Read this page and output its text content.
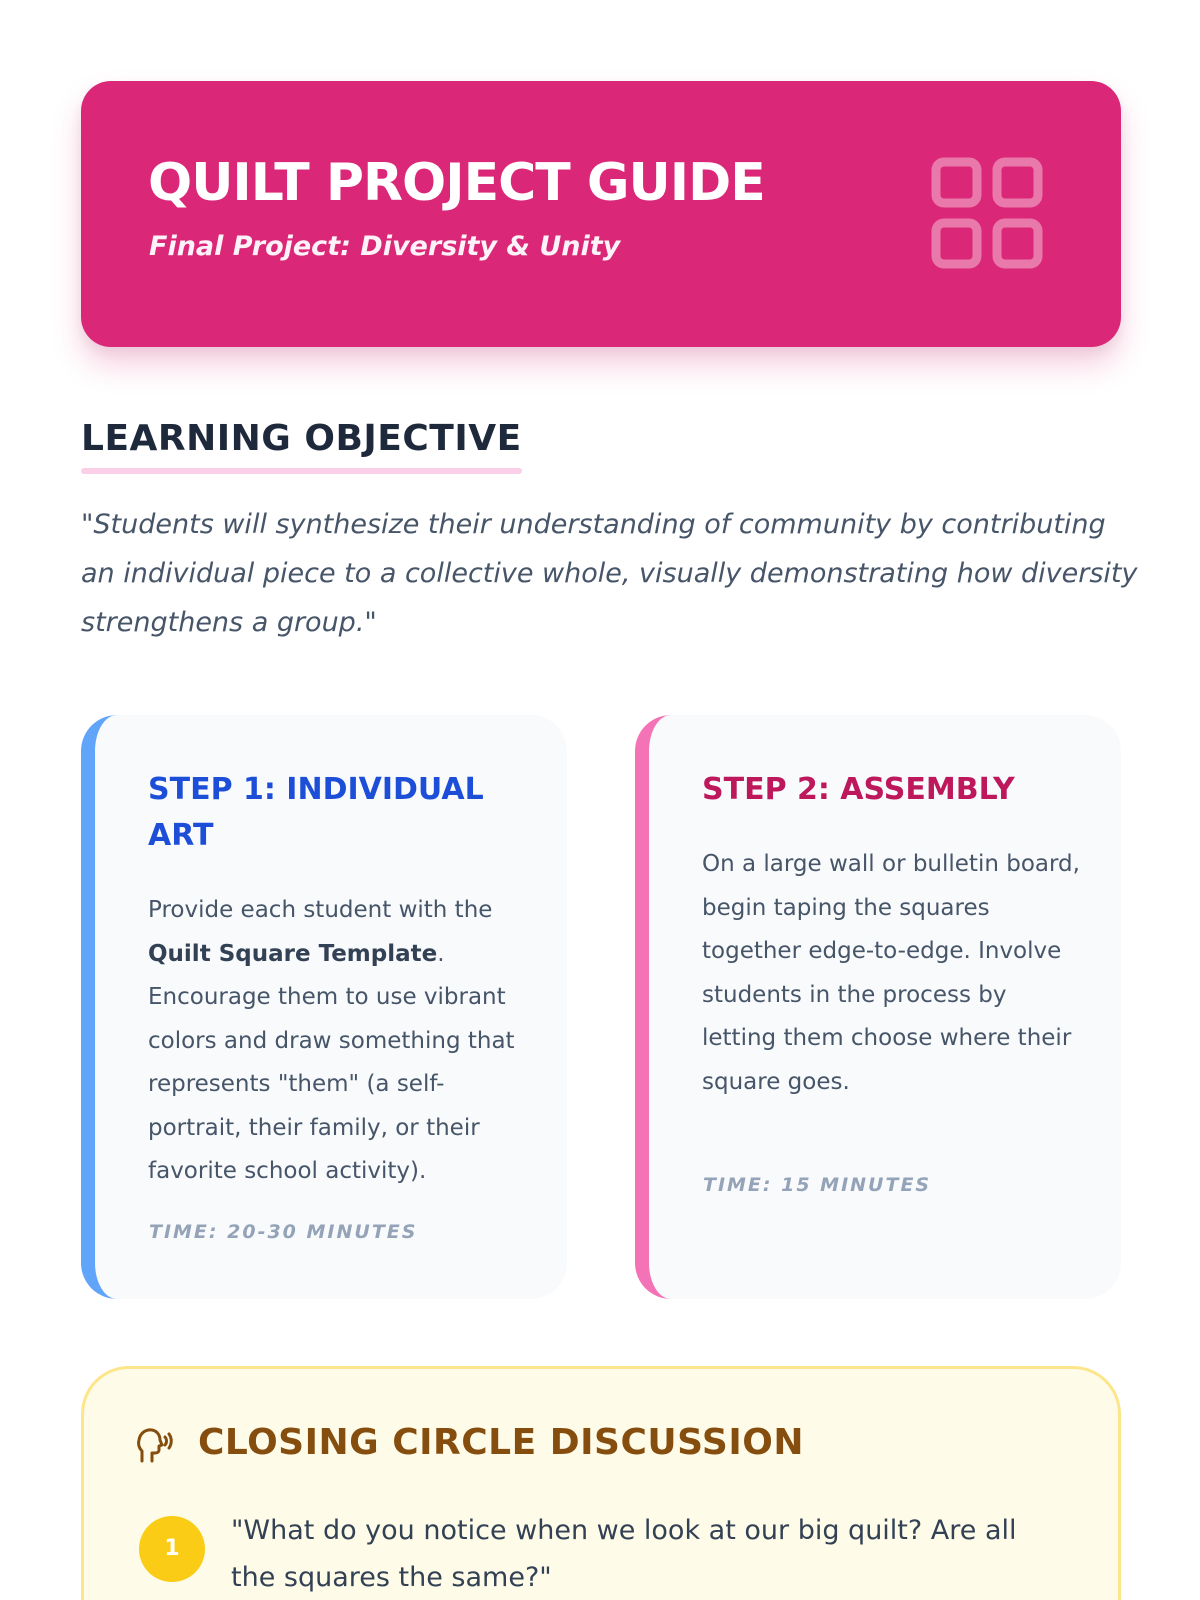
QUILT PROJECT GUIDE
Final Project: Diversity & Unity
LEARNING OBJECTIVE

"Students will synthesize their understanding of community by contributing an individual piece to a collective whole, visually demonstrating how diversity strengthens a group."

STEP 1: INDIVIDUAL ART

Provide each student with the Quilt Square Template. Encourage them to use vibrant colors and draw something that represents "them" (a self-portrait, their family, or their favorite school activity).

TIME: 20-30 MINUTES
STEP 2: ASSEMBLY

On a large wall or bulletin board, begin taping the squares together edge-to-edge. Involve students in the process by letting them choose where their square goes.

TIME: 15 MINUTES
CLOSING CIRCLE DISCUSSION
1

"What do you notice when we look at our big quilt? Are all the squares the same?"
